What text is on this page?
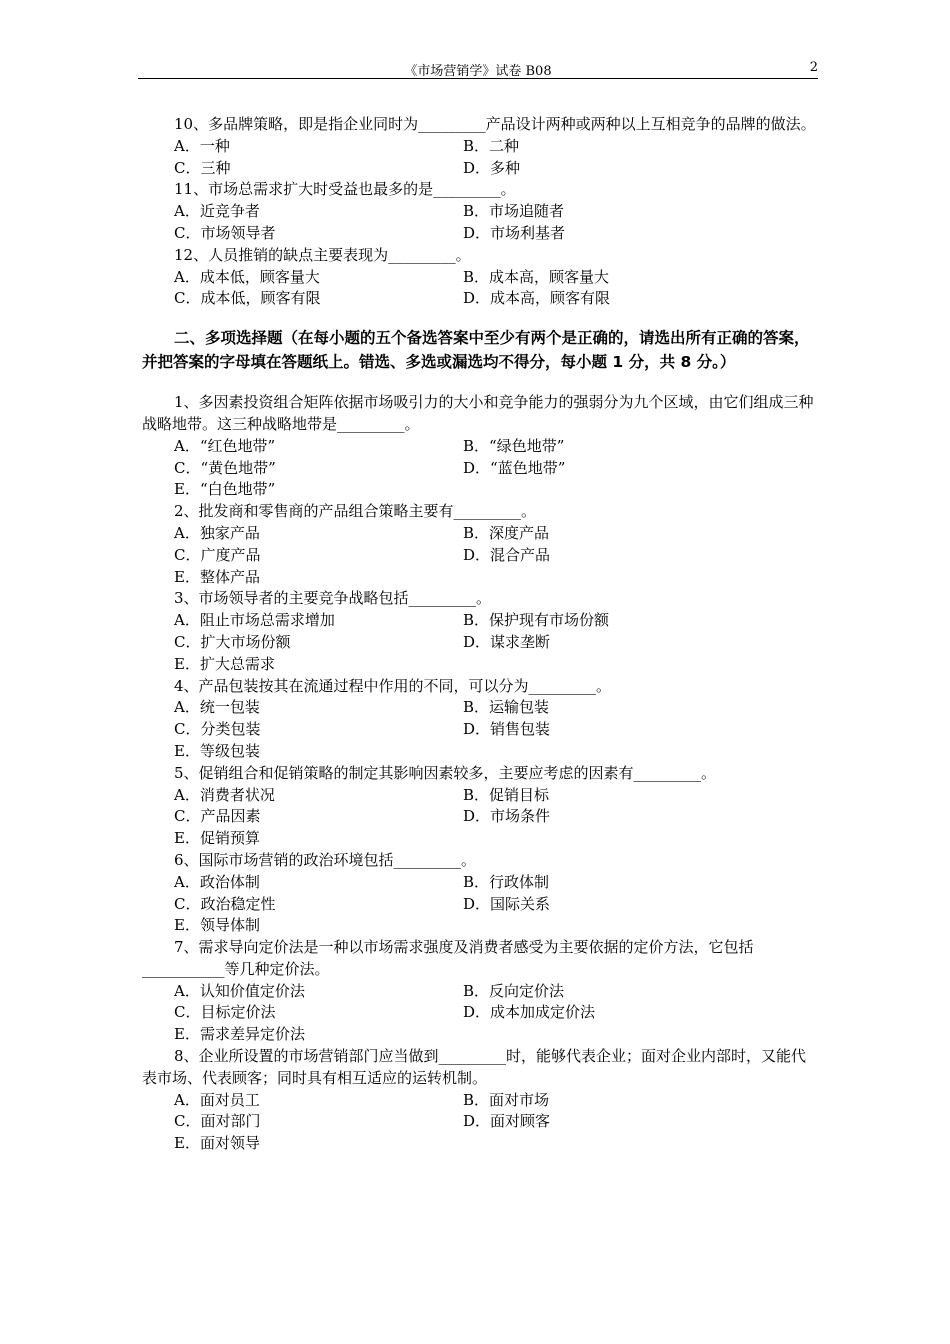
《市场营销学》试卷 B08	2

10、多品牌策略，即是指企业同时为_________产品设计两种或两种以上互相竞争的品牌的做法。

A．一种	B．二种
C．三种	D．多种

11、市场总需求扩大时受益也最多的是_________。

A．近竞争者	B．市场追随者
C．市场领导者	D．市场利基者

12、人员推销的缺点主要表现为_________。

A．成本低，顾客量大	B．成本高，顾客量大
C．成本低，顾客有限	D．成本高，顾客有限

二、多项选择题（在每小题的五个备选答案中至少有两个是正确的，请选出所有正确的答案，并把答案的字母填在答题纸上。错选、多选或漏选均不得分，每小题 1 分，共 8 分。）

1、多因素投资组合矩阵依据市场吸引力的大小和竞争能力的强弱分为九个区域，由它们组成三种战略地带。这三种战略地带是_________。

A．“红色地带”	B．“绿色地带”
C．“黄色地带”	D．“蓝色地带”
E．“白色地带”

2、批发商和零售商的产品组合策略主要有_________。

A．独家产品	B．深度产品
C．广度产品	D．混合产品
E．整体产品

3、市场领导者的主要竞争战略包括_________。

A．阻止市场总需求增加	B．保护现有市场份额
C．扩大市场份额	D．谋求垄断
E．扩大总需求

4、产品包装按其在流通过程中作用的不同，可以分为_________。

A．统一包装	B．运输包装
C．分类包装	D．销售包装
E．等级包装

5、促销组合和促销策略的制定其影响因素较多，主要应考虑的因素有_________。

A．消费者状况	B．促销目标
C．产品因素	D．市场条件
E．促销预算

6、国际市场营销的政治环境包括_________。

A．政治体制	B．行政体制
C．政治稳定性	D．国际关系
E．领导体制

7、需求导向定价法是一种以市场需求强度及消费者感受为主要依据的定价方法，它包括___________等几种定价法。

A．认知价值定价法	B．反向定价法
C．目标定价法	D．成本加成定价法
E．需求差异定价法

8、企业所设置的市场营销部门应当做到_________时，能够代表企业；面对企业内部时，又能代表市场、代表顾客；同时具有相互适应的运转机制。

A．面对员工	B．面对市场
C．面对部门	D．面对顾客
E．面对领导
